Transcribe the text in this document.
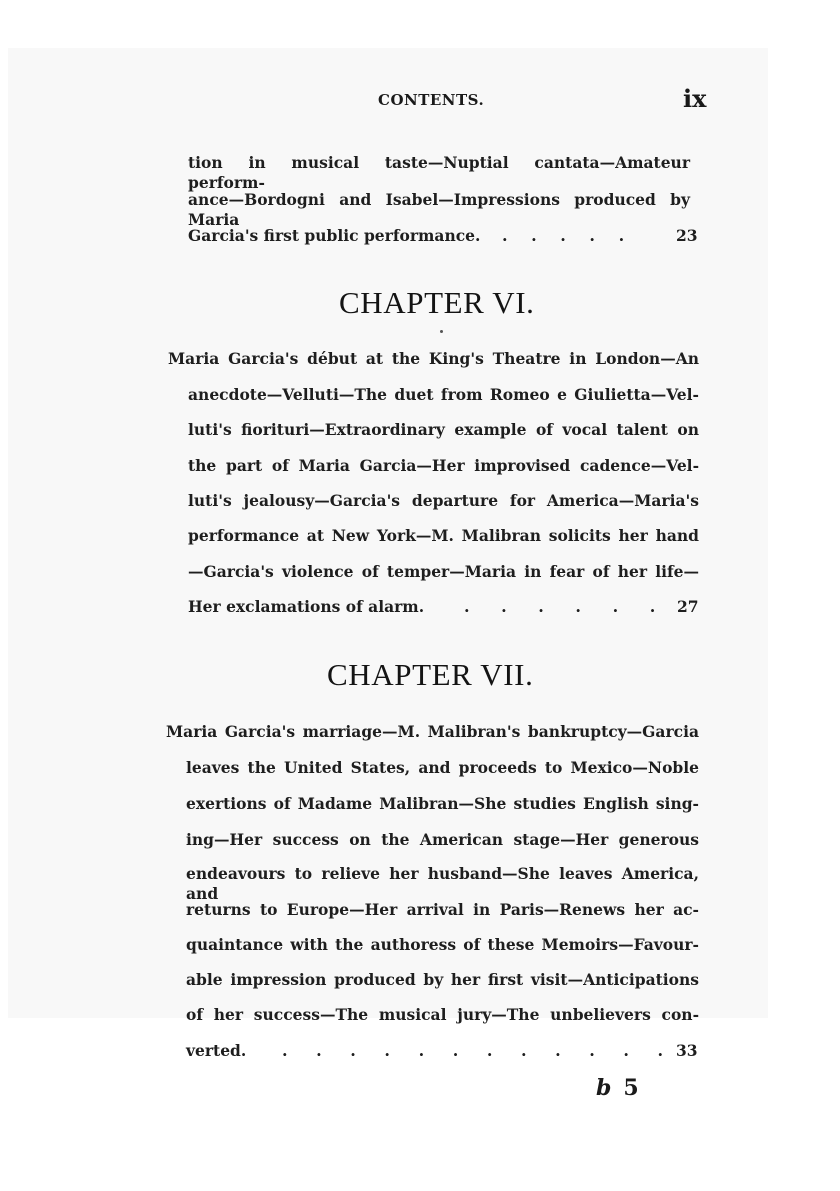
CONTENTS.	ix
tion in musical taste—Nuptial cantata—Amateur perform-
ance—Bordogni and Isabel—Impressions produced by Maria
Garcia's first public performance. . . . . .	23
CHAPTER VI.
Maria Garcia's début at the King's Theatre in London—An
anecdote—Velluti—The duet from Romeo e Giulietta—Vel-
luti's fioriturі—Extraordinary example of vocal talent on
the part of Maria Garcia—Her improvised cadence—Vel-
luti's jealousy—Garcia's departure for America—Maria's
performance at New York—M. Malibran solicits her hand
—Garcia's violence of temper—Maria in fear of her life—
Her exclamations of alarm. . . . . . . 27
CHAPTER VII.
Maria Garcia's marriage—M. Malibran's bankruptcy—Garcia
leaves the United States, and proceeds to Mexico—Noble
exertions of Madame Malibran—She studies English sing-
ing—Her success on the American stage—Her generous
endeavours to relieve her husband—She leaves America, and
returns to Europe—Her arrival in Paris—Renews her ac-
quaintance with the authoress of these Memoirs—Favour-
able impression produced by her first visit—Anticipations
of her success—The musical jury—The unbelievers con-
verted. . . . . . . . . . . . . 33
b 5
